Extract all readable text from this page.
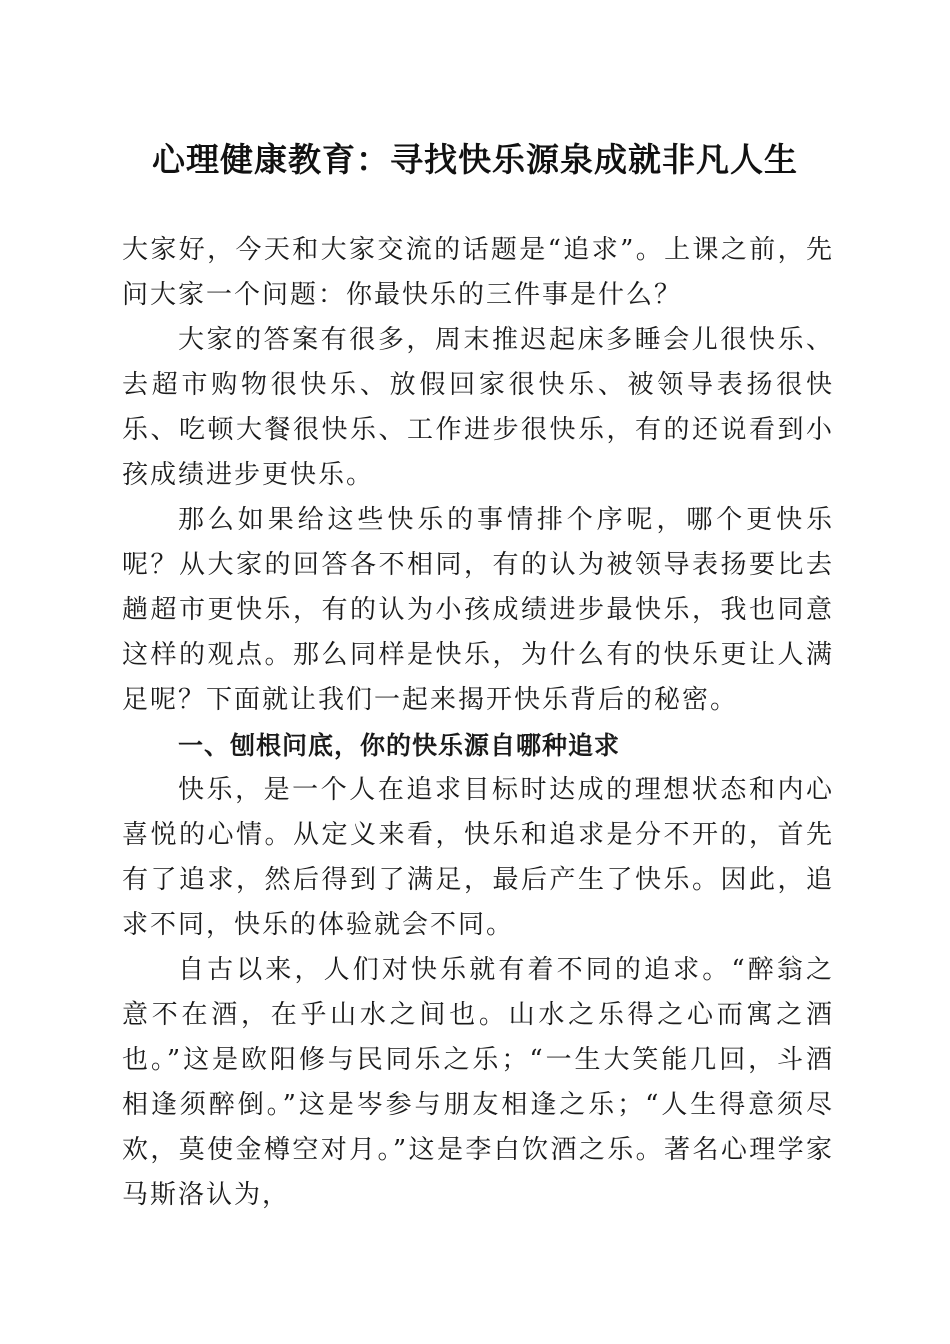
心理健康教育：寻找快乐源泉成就非凡人生

大家好，今天和大家交流的话题是“追求”。上课之前，先问大家一个问题：你最快乐的三件事是什么？

大家的答案有很多，周末推迟起床多睡会儿很快乐、去超市购物很快乐、放假回家很快乐、被领导表扬很快乐、吃顿大餐很快乐、工作进步很快乐，有的还说看到小孩成绩进步更快乐。

那么如果给这些快乐的事情排个序呢，哪个更快乐呢？从大家的回答各不相同，有的认为被领导表扬要比去趟超市更快乐，有的认为小孩成绩进步最快乐，我也同意这样的观点。那么同样是快乐，为什么有的快乐更让人满足呢？下面就让我们一起来揭开快乐背后的秘密。

一、刨根问底，你的快乐源自哪种追求

快乐，是一个人在追求目标时达成的理想状态和内心喜悦的心情。从定义来看，快乐和追求是分不开的，首先有了追求，然后得到了满足，最后产生了快乐。因此，追求不同，快乐的体验就会不同。

自古以来，人们对快乐就有着不同的追求。“醉翁之意不在酒，在乎山水之间也。山水之乐得之心而寓之酒也。”这是欧阳修与民同乐之乐；“一生大笑能几回，斗酒相逢须醉倒。”这是岑参与朋友相逢之乐；“人生得意须尽欢，莫使金樽空对月。”这是李白饮酒之乐。著名心理学家马斯洛认为，
